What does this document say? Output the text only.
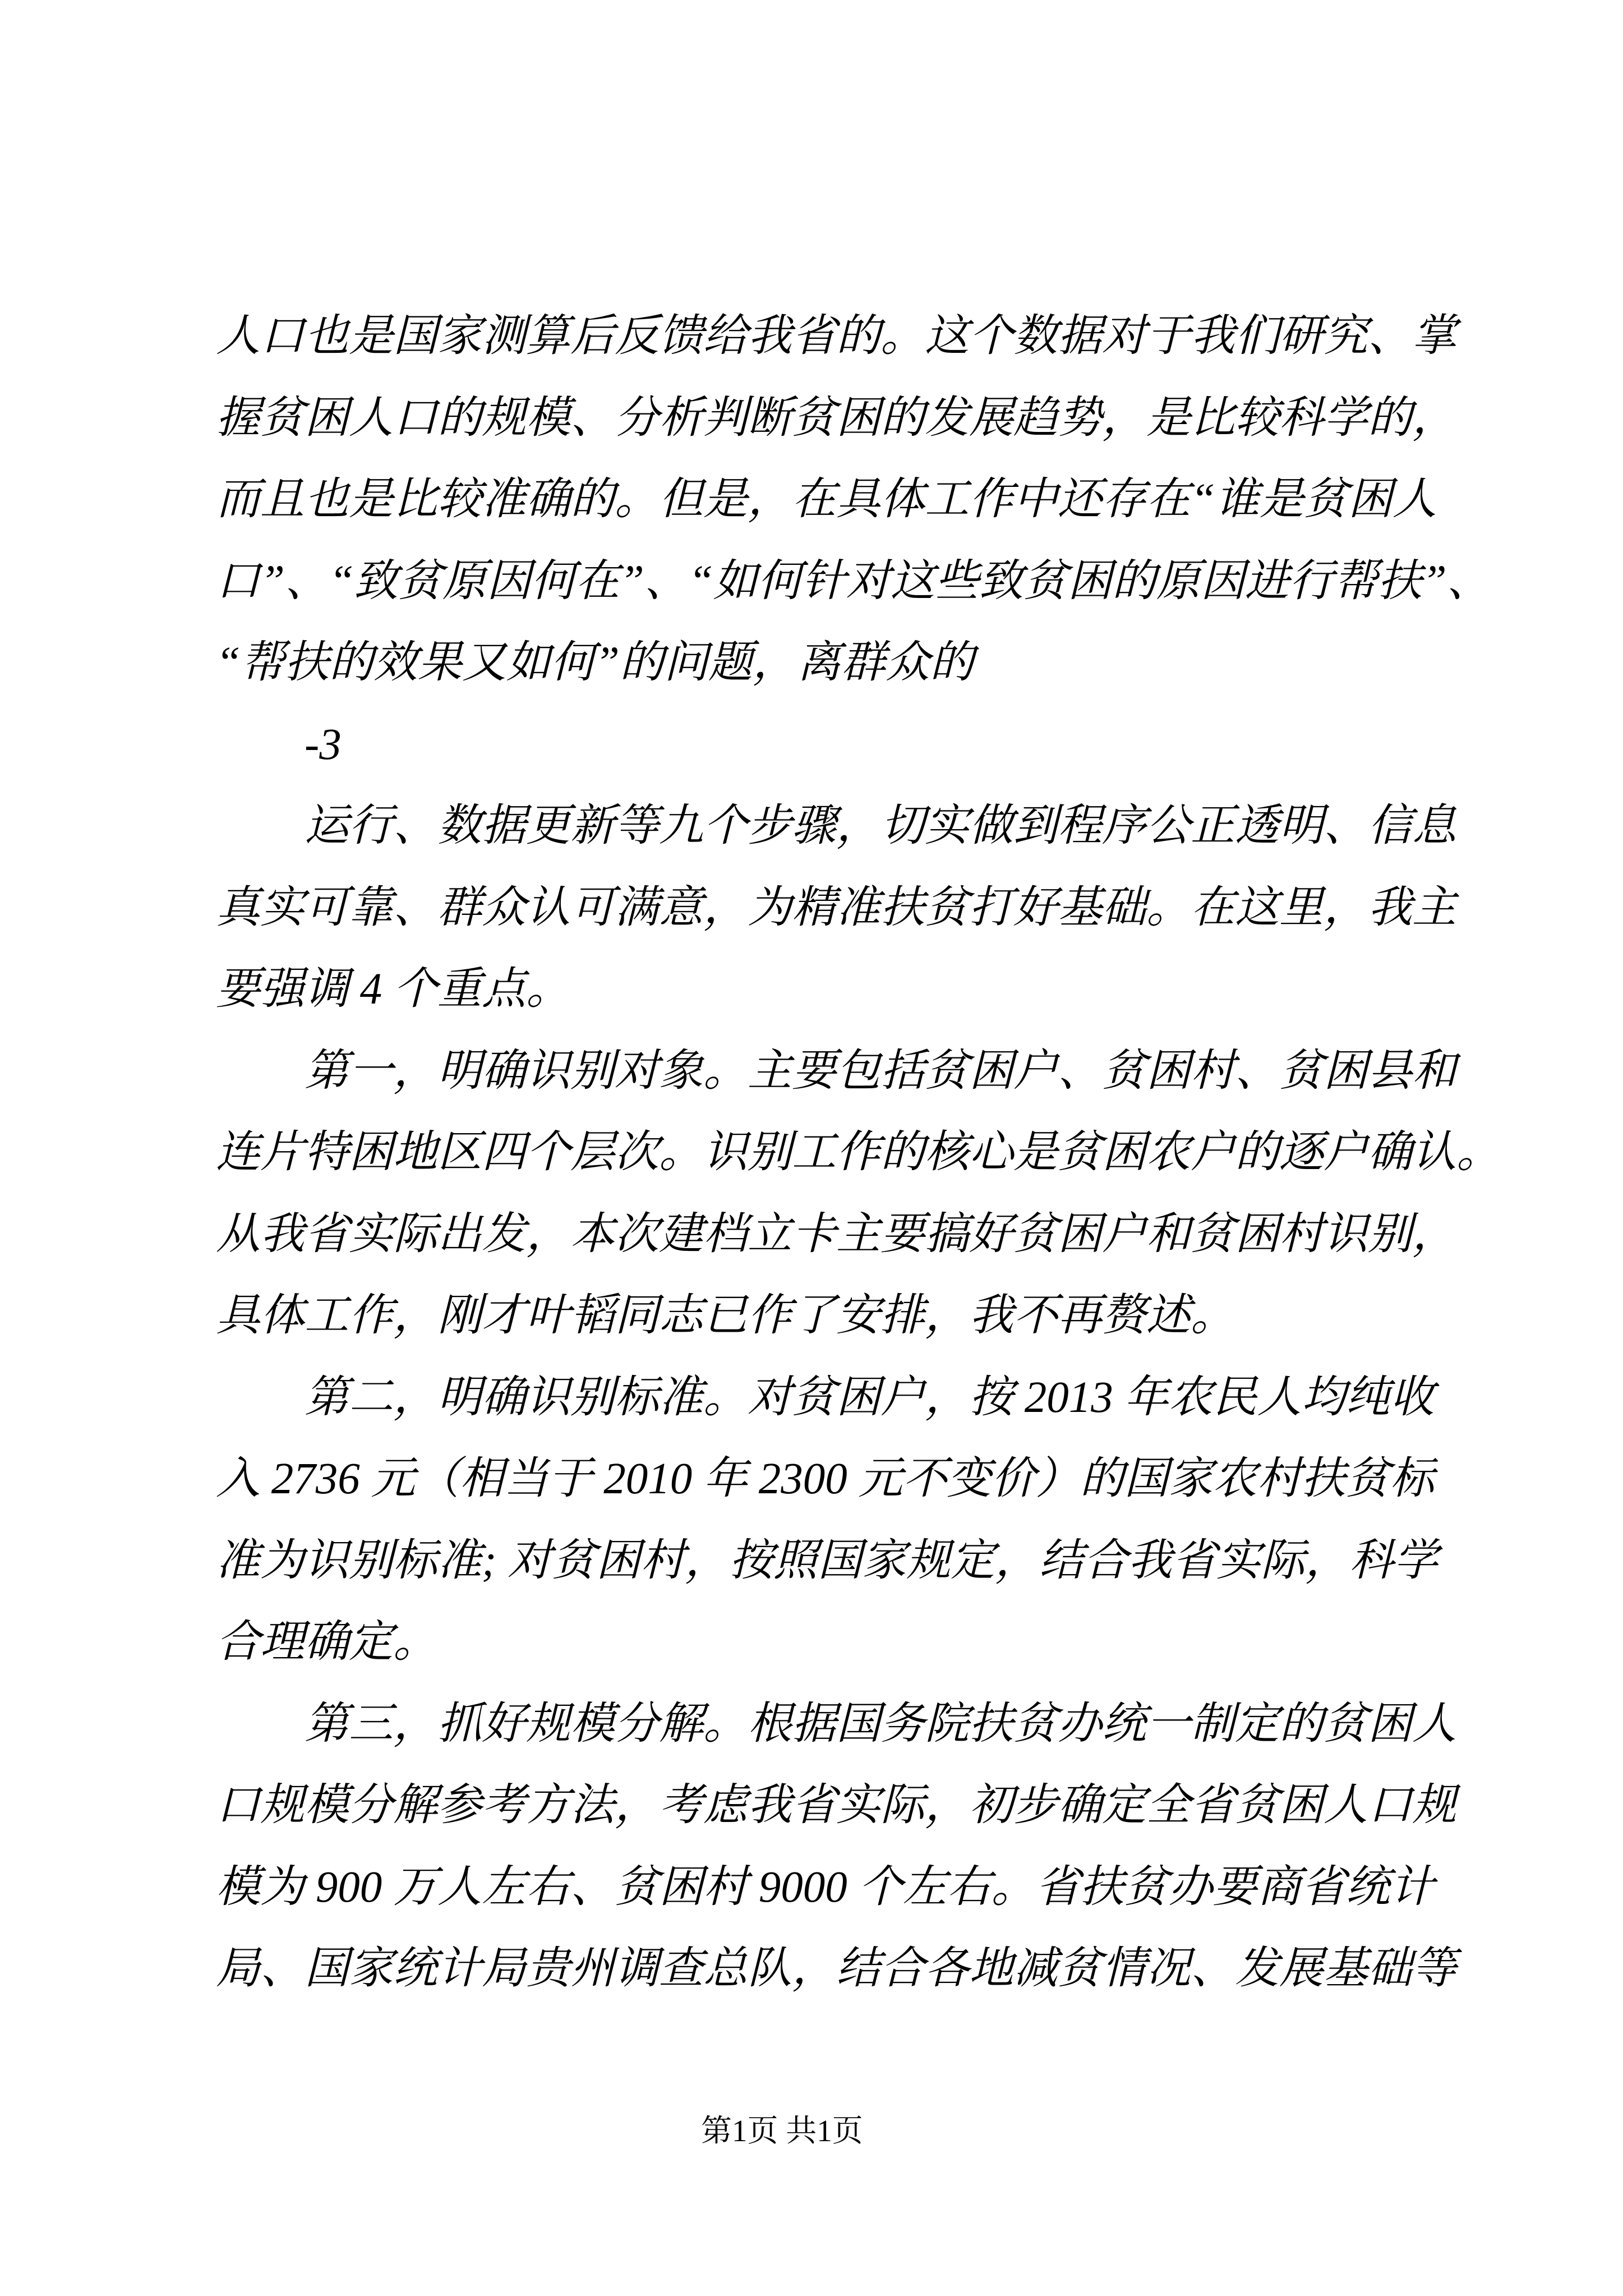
人口也是国家测算后反馈给我省的。这个数据对于我们研究、掌
握贫困人口的规模、分析判断贫困的发展趋势，是比较科学的，
而且也是比较准确的。但是，在具体工作中还存在“谁是贫困人
口”、“致贫原因何在”、“如何针对这些致贫困的原因进行帮扶”、
“帮扶的效果又如何”的问题，离群众的
-3
运行、数据更新等九个步骤，切实做到程序公正透明、信息
真实可靠、群众认可满意，为精准扶贫打好基础。在这里，我主
要强调 4 个重点。
第一，明确识别对象。主要包括贫困户、贫困村、贫困县和
连片特困地区四个层次。识别工作的核心是贫困农户的逐户确认。
从我省实际出发，本次建档立卡主要搞好贫困户和贫困村识别，
具体工作，刚才叶韬同志已作了安排，我不再赘述。
第二，明确识别标准。对贫困户，按 2013 年农民人均纯收
入 2736 元（相当于 2010 年 2300 元不变价）的国家农村扶贫标
准为识别标准; 对贫困村，按照国家规定，结合我省实际，科学
合理确定。
第三，抓好规模分解。根据国务院扶贫办统一制定的贫困人
口规模分解参考方法，考虑我省实际，初步确定全省贫困人口规
模为 900 万人左右、贫困村 9000 个左右。省扶贫办要商省统计
局、国家统计局贵州调查总队，结合各地减贫情况、发展基础等
第1页 共1页
